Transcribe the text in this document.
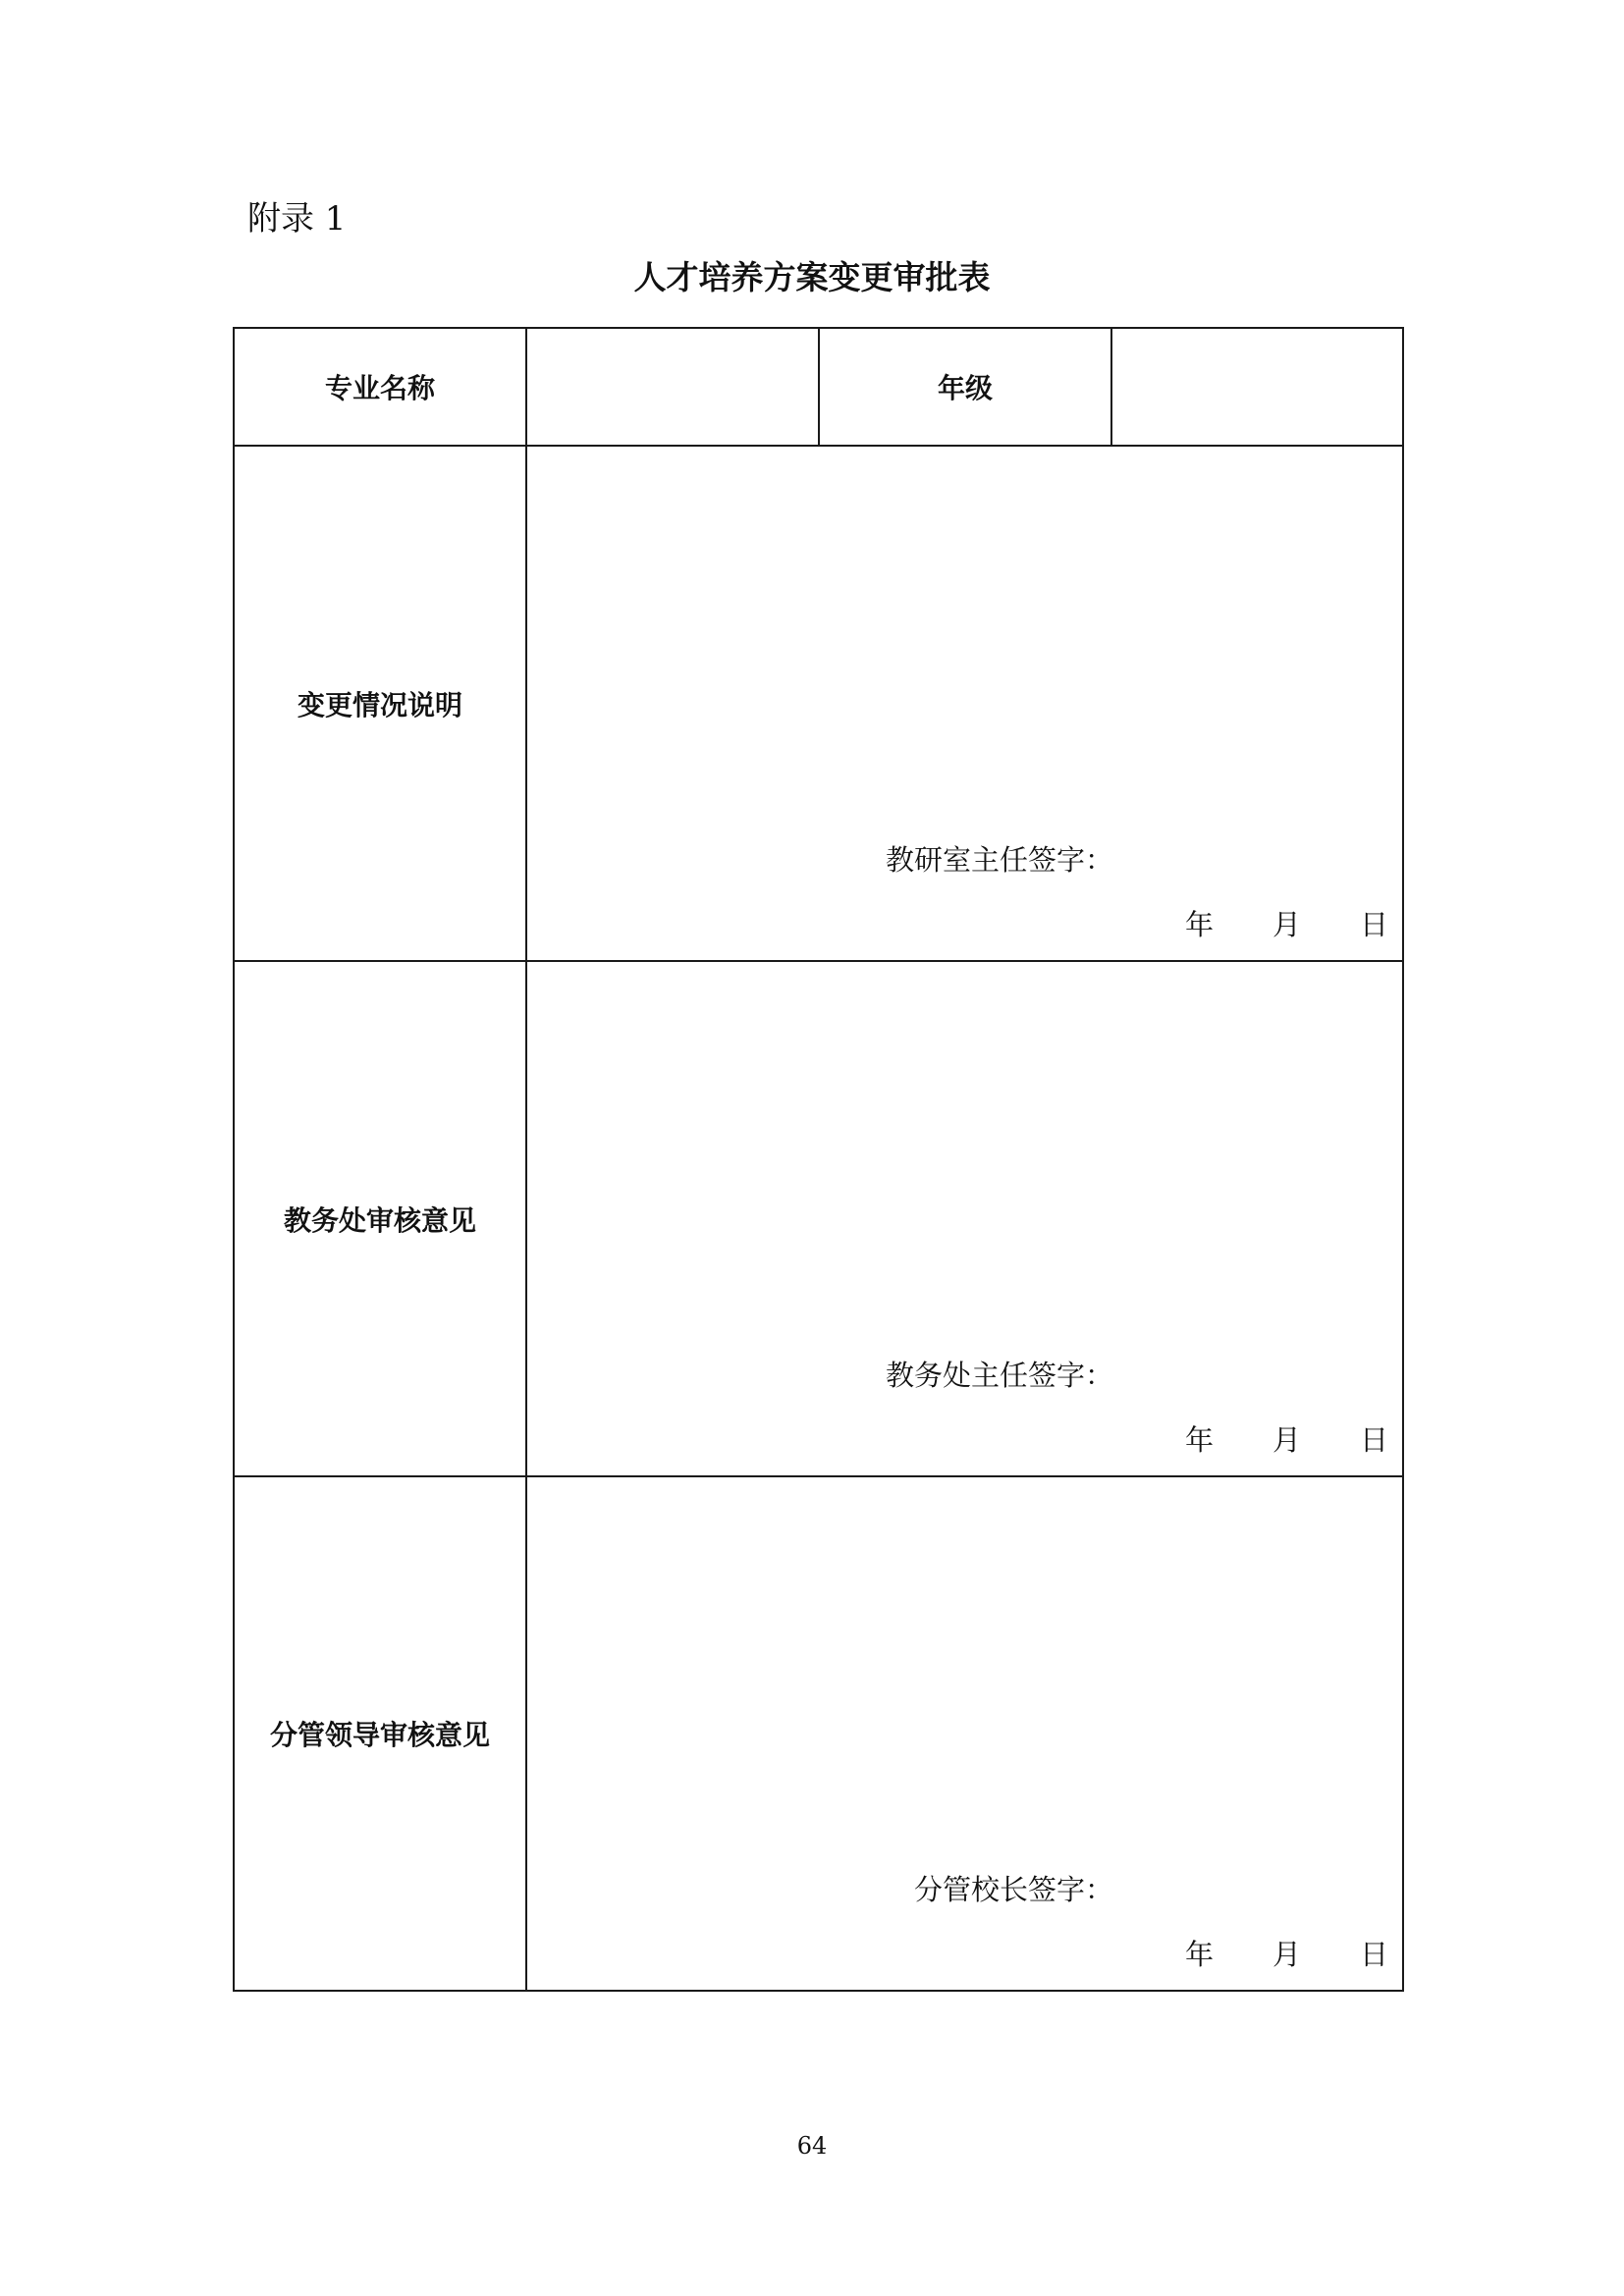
附录 1
人才培养方案变更审批表
专业名称		年级	
变更情况说明	教研室主任签字：
年 月 日		

教务处审核意见	教务处主任签字：
年 月 日		

分管领导审核意见	分管校长签字：
年 月 日		
64
